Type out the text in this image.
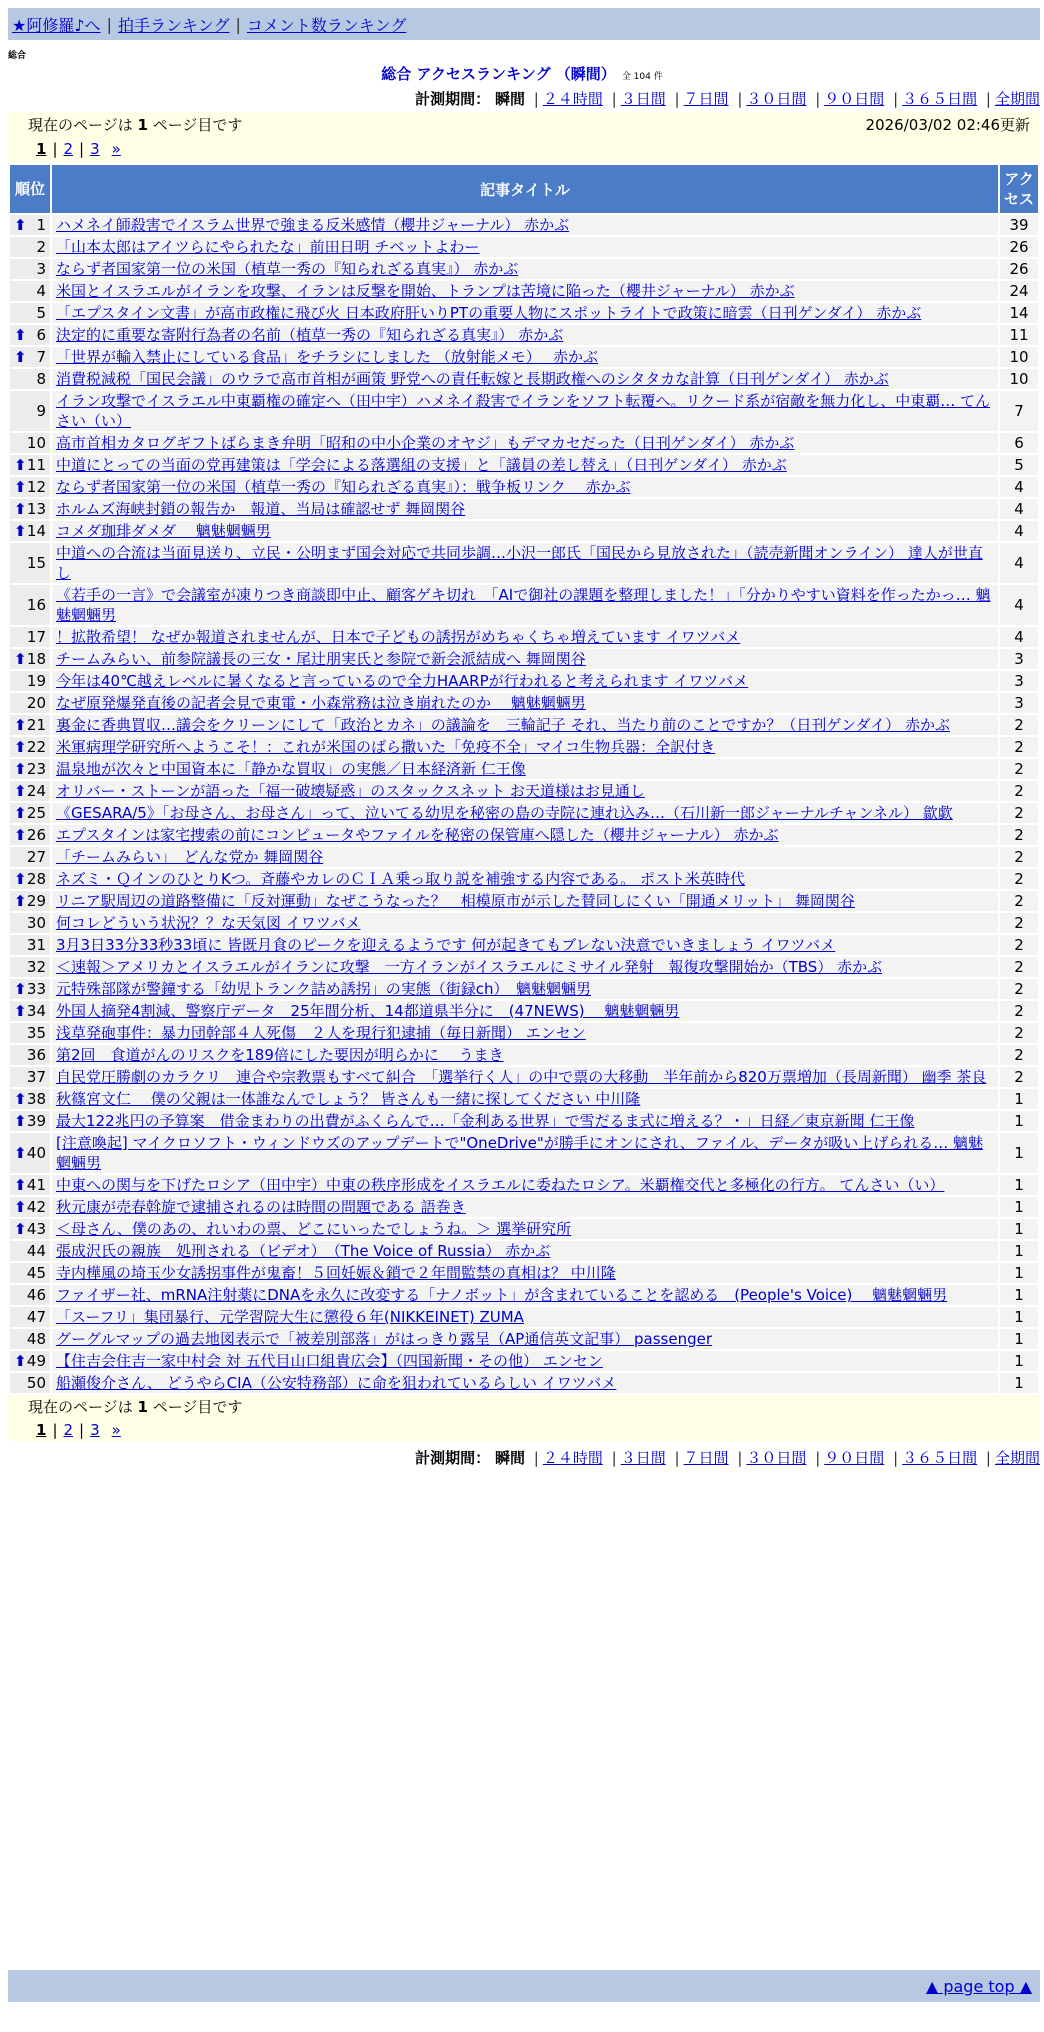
★阿修羅♪へ | 拍手ランキング | コメント数ランキング
総合
総合 アクセスランキング （瞬間） 全 104 件
計測期間： 瞬間 | ２４時間 | ３日間 | ７日間 | ３０日間 | ９０日間 | ３６５日間 | 全期間
現在のページは 1 ページ目です	2026/03/02 02:46更新
1 | 2 | 3 »
順位	記事タイトル	アクセス

⬆ 1	ハメネイ師殺害でイスラム世界で強まる反米感情（櫻井ジャーナル） 赤かぶ	39
2	「山本太郎はアイツらにやられたな」前田日明 チベットよわー	26
3	ならず者国家第一位の米国（植草一秀の『知られざる真実』） 赤かぶ	26
4	米国とイスラエルがイランを攻撃、イランは反撃を開始、トランプは苦境に陥った（櫻井ジャーナル） 赤かぶ	24
5	「エプスタイン文書」が高市政権に飛び火 日本政府肝いりPTの重要人物にスポットライトで政策に暗雲（日刊ゲンダイ） 赤かぶ	14

⬆ 6	決定的に重要な寄附行為者の名前（植草一秀の『知られざる真実』） 赤かぶ	11

⬆ 7	「世界が輸入禁止にしている食品」をチラシにしました （放射能メモ）　 赤かぶ	10
8	消費税減税「国民会議」のウラで高市首相が画策 野党への責任転嫁と長期政権へのシタタカな計算（日刊ゲンダイ） 赤かぶ	10
9	イラン攻撃でイスラエル中東覇権の確定へ（田中宇）ハメネイ殺害でイランをソフト転覆へ。リクード系が宿敵を無力化し、中東覇… てんさい（い）	7
10	高市首相カタログギフトばらまき弁明「昭和の中小企業のオヤジ」もデマカセだった（日刊ゲンダイ） 赤かぶ	6

⬆ 11	中道にとっての当面の党再建策は「学会による落選組の支援」と「議員の差し替え」（日刊ゲンダイ） 赤かぶ	5

⬆ 12	ならず者国家第一位の米国（植草一秀の『知られざる真実』）：戦争板リンク　 赤かぶ	4

⬆ 13	ホルムズ海峡封鎖の報告か　報道、当局は確認せず 舞岡関谷	4

⬆ 14	コメダ珈琲ダメダ　 魑魅魍魎男	4
15	中道への合流は当面見送り、立民・公明まず国会対応で共同歩調…小沢一郎氏「国民から見放された」（読売新聞オンライン） 達人が世直し	4
16	《若手の一言》で会議室が凍りつき商談即中止、顧客ゲキ切れ　「AIで御社の課題を整理しました！｣「分かりやすい資料を作ったかっ… 魑魅魍魎男	4
17	！拡散希望！ なぜか報道されませんが、日本で子どもの誘拐がめちゃくちゃ増えています イワツバメ	4

⬆ 18	チームみらい、前参院議長の三女・尾辻朋実氏と参院で新会派結成へ 舞岡関谷	3
19	今年は40℃越えレベルに暑くなると言っているので全力HAARPが行われると考えられます イワツバメ	3
20	なぜ原発爆発直後の記者会見で東電・小森常務は泣き崩れたのか　 魑魅魍魎男	3

⬆ 21	裏金に香典買収…議会をクリーンにして「政治とカネ」の議論を　三輪記子 それ、当たり前のことですか？（日刊ゲンダイ） 赤かぶ	2

⬆ 22	米軍病理学研究所へようこそ！：これが米国のばら撒いた「免疫不全」マイコ生物兵器：全訳付き	2

⬆ 23	温泉地が次々と中国資本に「静かな買収」の実態／日本経済新 仁王像	2

⬆ 24	オリバー・ストーンが語った「福一破壊疑惑」のスタックスネット お天道様はお見通し	2

⬆ 25	《GESARA/5》「お母さん、お母さん」って、泣いてる幼児を秘密の島の寺院に連れ込み…（石川新一郎ジャーナルチャンネル） 歙歔	2

⬆ 26	エプスタインは家宅捜索の前にコンピュータやファイルを秘密の保管庫へ隠した（櫻井ジャーナル） 赤かぶ	2
27	「チームみらい」　どんな党か 舞岡関谷	2

⬆ 28	ネズミ・ＱインのひとりKつ。斉藤やカレのＣＩＡ乗っ取り説を補強する内容である。 ポスト米英時代	2

⬆ 29	リニア駅周辺の道路整備に「反対運動」なぜこうなった？　相模原市が示した賛同しにくい「開通メリット」 舞岡関谷	2
30	何コレどういう状況？？な天気図 イワツバメ	2
31	3月3日33分33秒33頃に 皆既月食のピークを迎えるようです 何が起きてもブレない決意でいきましょう イワツバメ	2
32	＜速報＞アメリカとイスラエルがイランに攻撃　一方イランがイスラエルにミサイル発射　報復攻撃開始か（TBS） 赤かぶ	2

⬆ 33	元特殊部隊が警鐘する「幼児トランク詰め誘拐」の実態（街録ch）　魑魅魍魎男	2

⬆ 34	外国人摘発4割減、警察庁データ　25年間分析、14都道県半分に　(47NEWS)　 魑魅魍魎男	2
35	浅草発砲事件：暴力団幹部４人死傷　２人を現行犯逮捕（毎日新聞） エンセン	2
36	第2回　食道がんのリスクを189倍にした要因が明らかに　 うまき	2
37	自民党圧勝劇のカラクリ　連合や宗教票もすべて糾合　「選挙行く人」の中で票の大移動　半年前から820万票増加（長周新聞） 幽季 茶良	2

⬆ 38	秋篠宮文仁　 僕の父親は一体誰なんでしょう？ 皆さんも一緒に探してください 中川隆	1

⬆ 39	最大122兆円の予算案　借金まわりの出費がふくらんで…「金利ある世界」で雪だるま式に増える？・」日経／東京新聞 仁王像	1

⬆ 40	[注意喚起] マイクロソフト・ウィンドウズのアップデートで"OneDrive"が勝手にオンにされ、ファイル、データが吸い上げられる… 魑魅魍魎男	1

⬆ 41	中東への関与を下げたロシア（田中宇）中東の秩序形成をイスラエルに委ねたロシア。米覇権交代と多極化の行方。 てんさい（い）	1

⬆ 42	秋元康が売春斡旋で逮捕されるのは時間の問題である 語巻き	1

⬆ 43	＜母さん、僕のあの、れいわの票、どこにいったでしょうね。＞ 選挙研究所	1
44	張成沢氏の親族　処刑される（ビデオ）　（The Voice of Russia） 赤かぶ	1
45	寺内樺風の埼玉少女誘拐事件が鬼畜！５回妊娠＆鎖で２年間監禁の真相は？ 中川隆	1
46	ファイザー社、mRNA注射薬にDNAを永久に改変する「ナノボット」が含まれていることを認める　(People's Voice)　 魑魅魍魎男	1
47	「スーフリ」集団暴行、元学習院大生に懲役６年(NIKKEINET) ZUMA	1
48	グーグルマップの過去地図表示で「被差別部落」がはっきり露呈（AP通信英文記事） passenger	1

⬆ 49	【住吉会住吉一家中村会 対 五代目山口組貴広会】（四国新聞・その他） エンセン	1
50	船瀬俊介さん、 どうやらCIA（公安特務部）に命を狙われているらしい イワツバメ	1
現在のページは 1 ページ目です
1 | 2 | 3 »
計測期間： 瞬間 | ２４時間 | ３日間 | ７日間 | ３０日間 | ９０日間 | ３６５日間 | 全期間
▲ page top ▲
